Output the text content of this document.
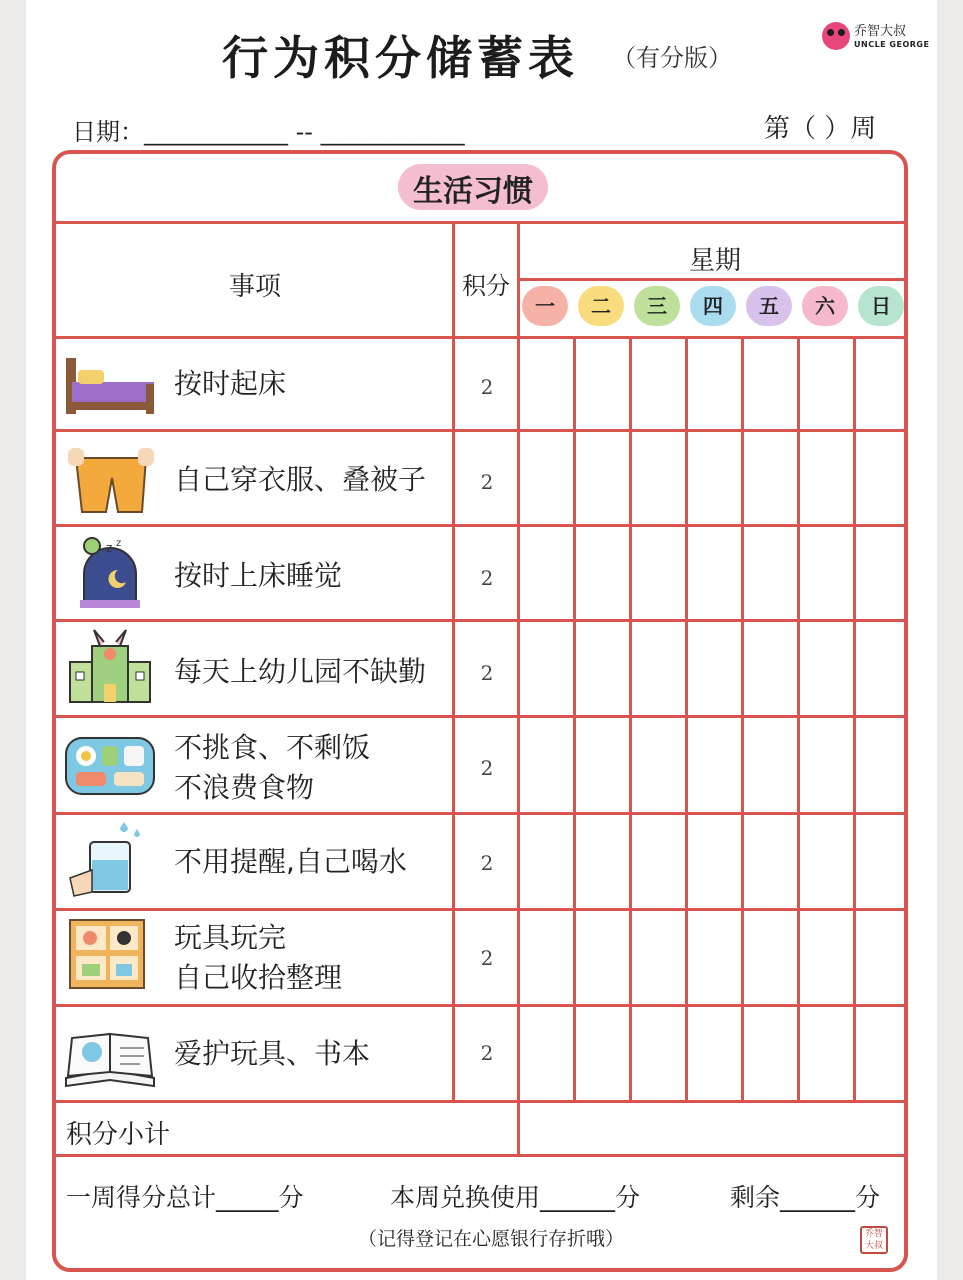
行为积分储蓄表 （有分版）
乔智大叔
UNCLE GEORGE
日期：____________ -- ____________	第（ ）周
生活习惯
事项	积分
星期
一	二	三	四	五	六	日
按时起床	2
自己穿衣服、叠被子	2
z z
按时上床睡觉	2
每天上幼儿园不缺勤	2
不挑食、不剩饭
不浪费食物
2
不用提醒,自己喝水	2
玩具玩完
自己收拾整理
2
爱护玩具、书本	2
积分小计
一周得分总计_____分	本周兑换使用______分	剩余______分
（记得登记在心愿银行存折哦）	乔智
大叔
